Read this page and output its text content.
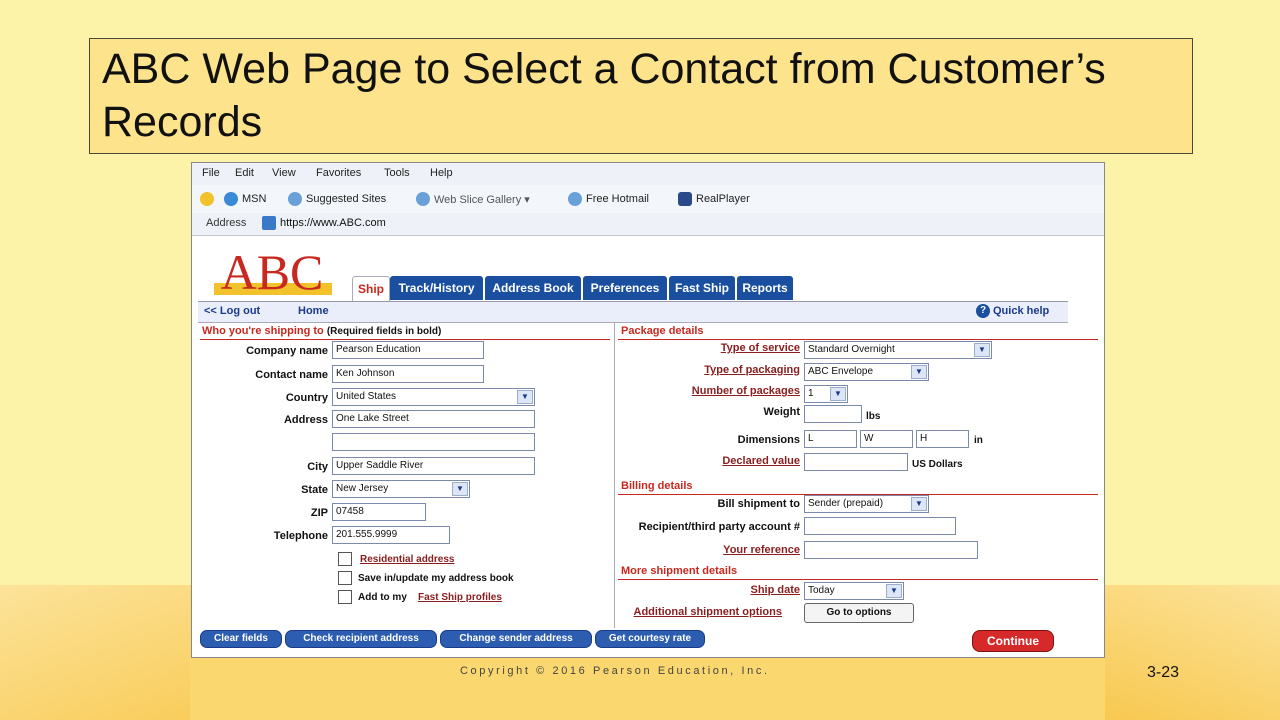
ABC Web Page to Select a Contact from Customer’s Records
File Edit View Favorites Tools Help
MSN	Suggested Sites	Web Slice Gallery ▾	Free Hotmail	RealPlayer
Address	https://www.ABC.com
ABC	Ship	Track/History	Address Book	Preferences	Fast Ship	Reports
<< Log out	Home	? Quick help
Who you're shipping to (Required fields in bold)
Company name Pearson Education
Contact name Ken Johnson
Country United States	▼
Address One Lake Street
City Upper Saddle River
State New Jersey	▼
ZIP 07458
Telephone 201.555.9999
Residential address
Save in/update my address book
Add to my Fast Ship profiles
Package details
Type of service Standard Overnight	▼
Type of packaging ABC Envelope	▼
Number of packages 1	▼
Weight	lbs
Dimensions L	W	H	in
Declared value	US Dollars
Billing details
Bill shipment to Sender (prepaid)	▼
Recipient/third party account #
Your reference
More shipment details
Ship date Today	▼
Additional shipment options	Go to options
Clear fields	Check recipient address	Change sender address	Get courtesy rate	Continue
Copyright © 2016 Pearson Education, Inc.	3-23
